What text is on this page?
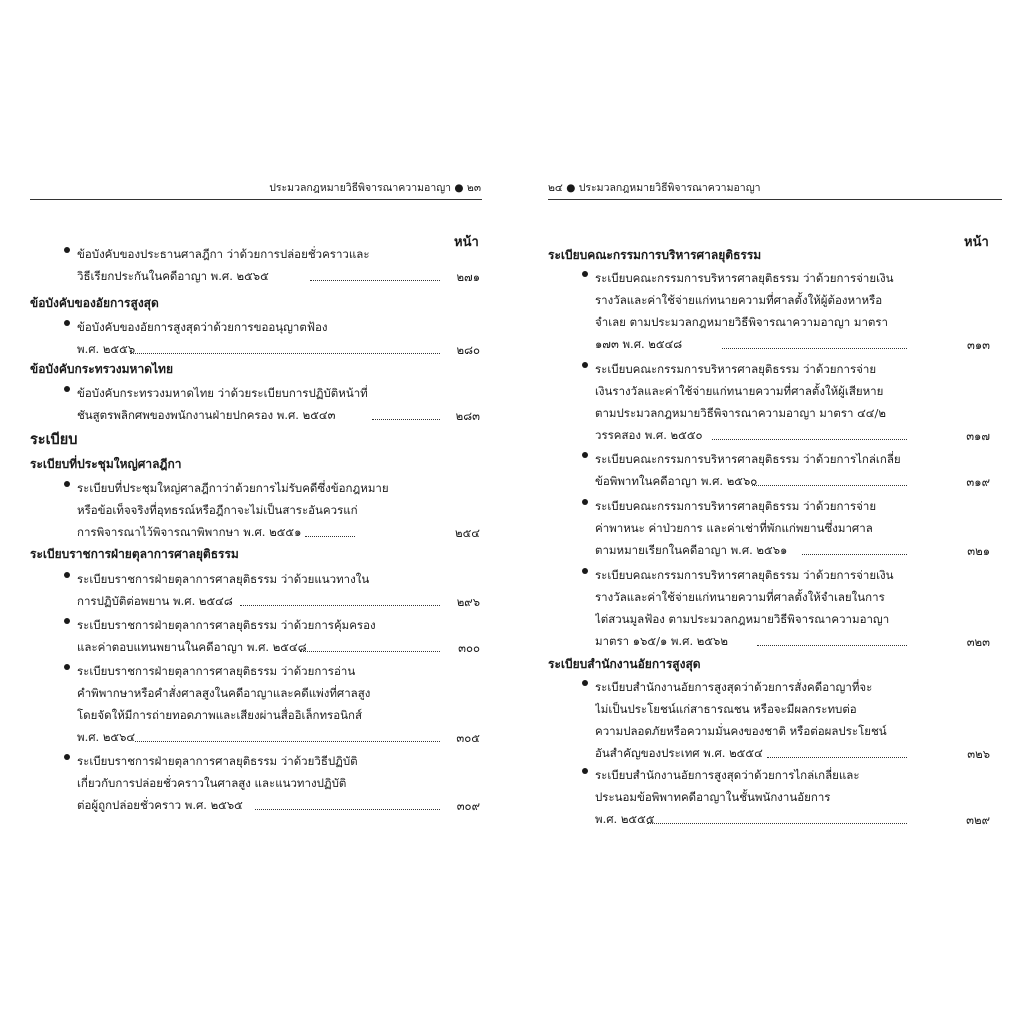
ประมวลกฎหมายวิธีพิจารณาความอาญา ● ๒๓
หน้า
ข้อบังคับของประธานศาลฎีกา ว่าด้วยการปล่อยชั่วคราวและ
วิธีเรียกประกันในคดีอาญา พ.ศ. ๒๕๖๕	๒๗๑
ข้อบังคับของอัยการสูงสุด
ข้อบังคับของอัยการสูงสุดว่าด้วยการขออนุญาตฟ้อง
พ.ศ. ๒๕๕๖	๒๘๐
ข้อบังคับกระทรวงมหาดไทย
ข้อบังคับกระทรวงมหาดไทย ว่าด้วยระเบียบการปฏิบัติหน้าที่
ชันสูตรพลิกศพของพนักงานฝ่ายปกครอง พ.ศ. ๒๕๔๓	๒๘๓
ระเบียบ
ระเบียบที่ประชุมใหญ่ศาลฎีกา
ระเบียบที่ประชุมใหญ่ศาลฎีกาว่าด้วยการไม่รับคดีซึ่งข้อกฎหมาย
หรือข้อเท็จจริงที่อุทธรณ์หรือฎีกาจะไม่เป็นสาระอันควรแก่
การพิจารณาไว้พิจารณาพิพากษา พ.ศ. ๒๕๕๑	๒๕๔
ระเบียบราชการฝ่ายตุลาการศาลยุติธรรม
ระเบียบราชการฝ่ายตุลาการศาลยุติธรรม ว่าด้วยแนวทางใน
การปฏิบัติต่อพยาน พ.ศ. ๒๕๔๘	๒๙๖
ระเบียบราชการฝ่ายตุลาการศาลยุติธรรม ว่าด้วยการคุ้มครอง
และค่าตอบแทนพยานในคดีอาญา พ.ศ. ๒๕๔๘	๓๐๐
ระเบียบราชการฝ่ายตุลาการศาลยุติธรรม ว่าด้วยการอ่าน
คำพิพากษาหรือคำสั่งศาลสูงในคดีอาญาและคดีแพ่งที่ศาลสูง
โดยจัดให้มีการถ่ายทอดภาพและเสียงผ่านสื่ออิเล็กทรอนิกส์
พ.ศ. ๒๕๖๔	๓๐๕
ระเบียบราชการฝ่ายตุลาการศาลยุติธรรม ว่าด้วยวิธีปฏิบัติ
เกี่ยวกับการปล่อยชั่วคราวในศาลสูง และแนวทางปฏิบัติ
ต่อผู้ถูกปล่อยชั่วคราว พ.ศ. ๒๕๖๕	๓๐๙
๒๔ ● ประมวลกฎหมายวิธีพิจารณาความอาญา
หน้า
ระเบียบคณะกรรมการบริหารศาลยุติธรรม
ระเบียบคณะกรรมการบริหารศาลยุติธรรม ว่าด้วยการจ่ายเงิน
รางวัลและค่าใช้จ่ายแก่ทนายความที่ศาลตั้งให้ผู้ต้องหาหรือ
จำเลย ตามประมวลกฎหมายวิธีพิจารณาความอาญา มาตรา
๑๗๓ พ.ศ. ๒๕๔๘	๓๑๓
ระเบียบคณะกรรมการบริหารศาลยุติธรรม ว่าด้วยการจ่าย
เงินรางวัลและค่าใช้จ่ายแก่ทนายความที่ศาลตั้งให้ผู้เสียหาย
ตามประมวลกฎหมายวิธีพิจารณาความอาญา มาตรา ๔๔/๒
วรรคสอง พ.ศ. ๒๕๕๐	๓๑๗
ระเบียบคณะกรรมการบริหารศาลยุติธรรม ว่าด้วยการไกล่เกลี่ย
ข้อพิพาทในคดีอาญา พ.ศ. ๒๕๖๐	๓๑๙
ระเบียบคณะกรรมการบริหารศาลยุติธรรม ว่าด้วยการจ่าย
ค่าพาหนะ ค่าป่วยการ และค่าเช่าที่พักแก่พยานซึ่งมาศาล
ตามหมายเรียกในคดีอาญา พ.ศ. ๒๕๖๑	๓๒๑
ระเบียบคณะกรรมการบริหารศาลยุติธรรม ว่าด้วยการจ่ายเงิน
รางวัลและค่าใช้จ่ายแก่ทนายความที่ศาลตั้งให้จำเลยในการ
ไต่สวนมูลฟ้อง ตามประมวลกฎหมายวิธีพิจารณาความอาญา
มาตรา ๑๖๕/๑ พ.ศ. ๒๕๖๒	๓๒๓
ระเบียบสำนักงานอัยการสูงสุด
ระเบียบสำนักงานอัยการสูงสุดว่าด้วยการสั่งคดีอาญาที่จะ
ไม่เป็นประโยชน์แก่สาธารณชน หรือจะมีผลกระทบต่อ
ความปลอดภัยหรือความมั่นคงของชาติ หรือต่อผลประโยชน์
อันสำคัญของประเทศ พ.ศ. ๒๕๕๔	๓๒๖
ระเบียบสำนักงานอัยการสูงสุดว่าด้วยการไกล่เกลี่ยและ
ประนอมข้อพิพาทคดีอาญาในชั้นพนักงานอัยการ
พ.ศ. ๒๕๕๕	๓๒๙
